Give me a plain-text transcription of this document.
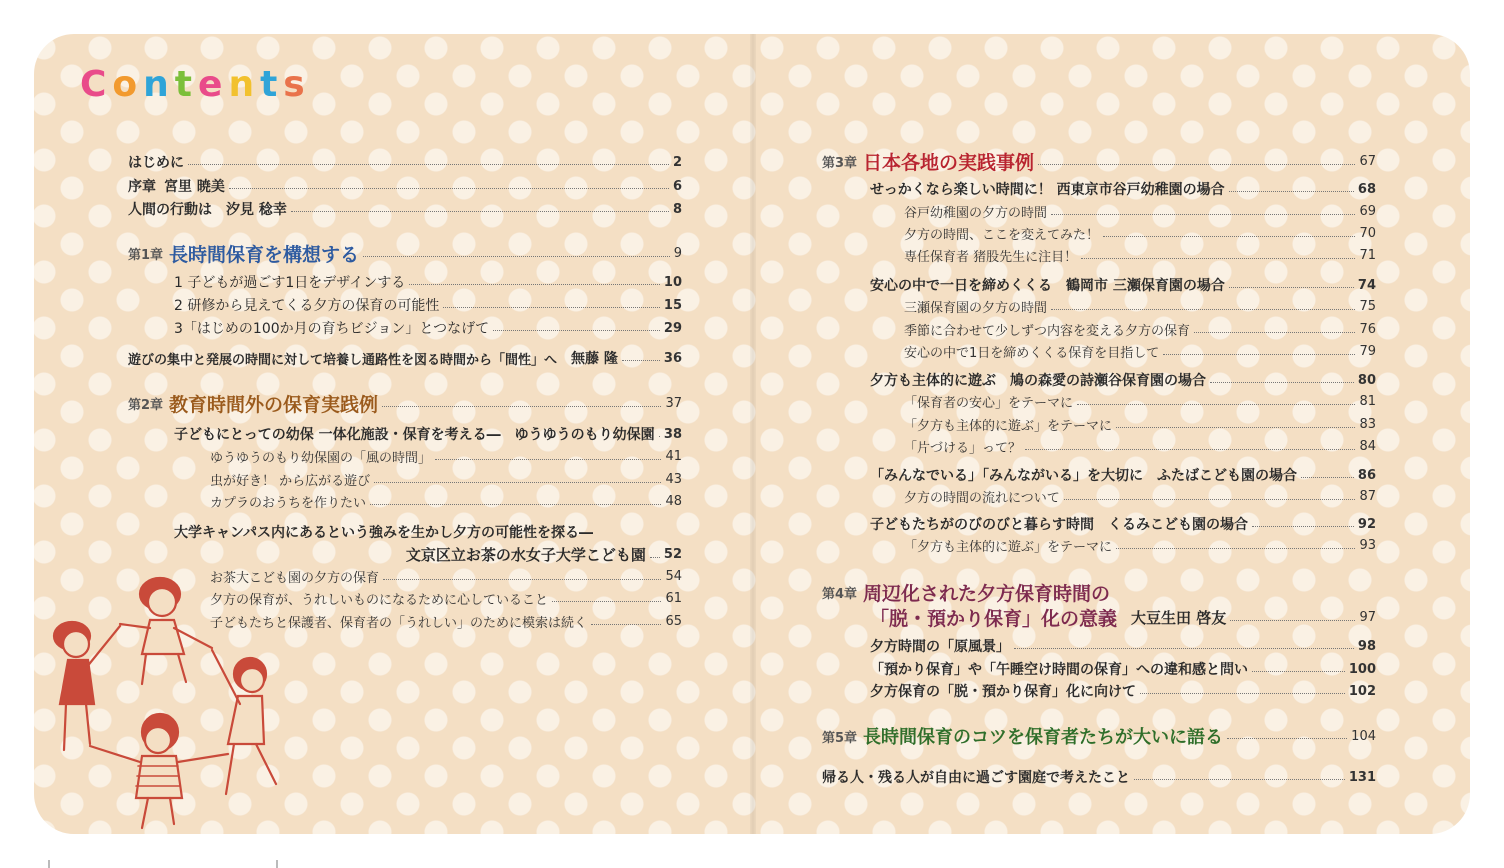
Contents
はじめに	2
序章 宮里 暁美	6
人間の行動は 汐見 稔幸	8
第1章 長時間保育を構想する	9
1 子どもが過ごす1日をデザインする	10
2 研修から見えてくる夕方の保育の可能性	15
3「はじめの100か月の育ちビジョン」とつなげて	29
遊びの集中と発展の時間に対して培養し通路性を図る時間から「間性」へ 無藤 隆	36
第2章 教育時間外の保育実践例	37
子どもにとっての幼保 一体化施設・保育を考える― ゆうゆうのもり幼保園 38
ゆうゆうのもり幼保園の「風の時間」	41
虫が好き！ から広がる遊び	43
カプラのおうちを作りたい	48
大学キャンパス内にあるという強みを生かし夕方の可能性を探る―
文京区立お茶の水女子大学こども園 52
お茶大こども園の夕方の保育	54
夕方の保育が、うれしいものになるために心していること	61
子どもたちと保護者、保育者の「うれしい」のために模索は続く	65
第3章 日本各地の実践事例	67
せっかくなら楽しい時間に！ 西東京市谷戸幼稚園の場合	68
谷戸幼稚園の夕方の時間	69
夕方の時間、ここを変えてみた！	70
専任保育者 猪股先生に注目！	71
安心の中で一日を締めくくる　鶴岡市 三瀬保育園の場合	74
三瀬保育園の夕方の時間	75
季節に合わせて少しずつ内容を変える夕方の保育	76
安心の中で1日を締めくくる保育を目指して	79
夕方も主体的に遊ぶ　鳩の森愛の詩瀬谷保育園の場合	80
「保育者の安心」をテーマに	81
「夕方も主体的に遊ぶ」をテーマに	83
「片づける」って？	84
「みんなでいる」「みんながいる」を大切に　ふたばこども園の場合	86
夕方の時間の流れについて	87
子どもたちがのびのびと暮らす時間　くるみこども園の場合	92
「夕方も主体的に遊ぶ」をテーマに	93
第4章 周辺化された夕方保育時間の
「脱・預かり保育」化の意義 大豆生田 啓友	97
夕方時間の「原風景」	98
「預かり保育」や「午睡空け時間の保育」への違和感と問い	100
夕方保育の「脱・預かり保育」化に向けて	102
第5章 長時間保育のコツを保育者たちが大いに語る	104
帰る人・残る人が自由に過ごす園庭で考えたこと	131
